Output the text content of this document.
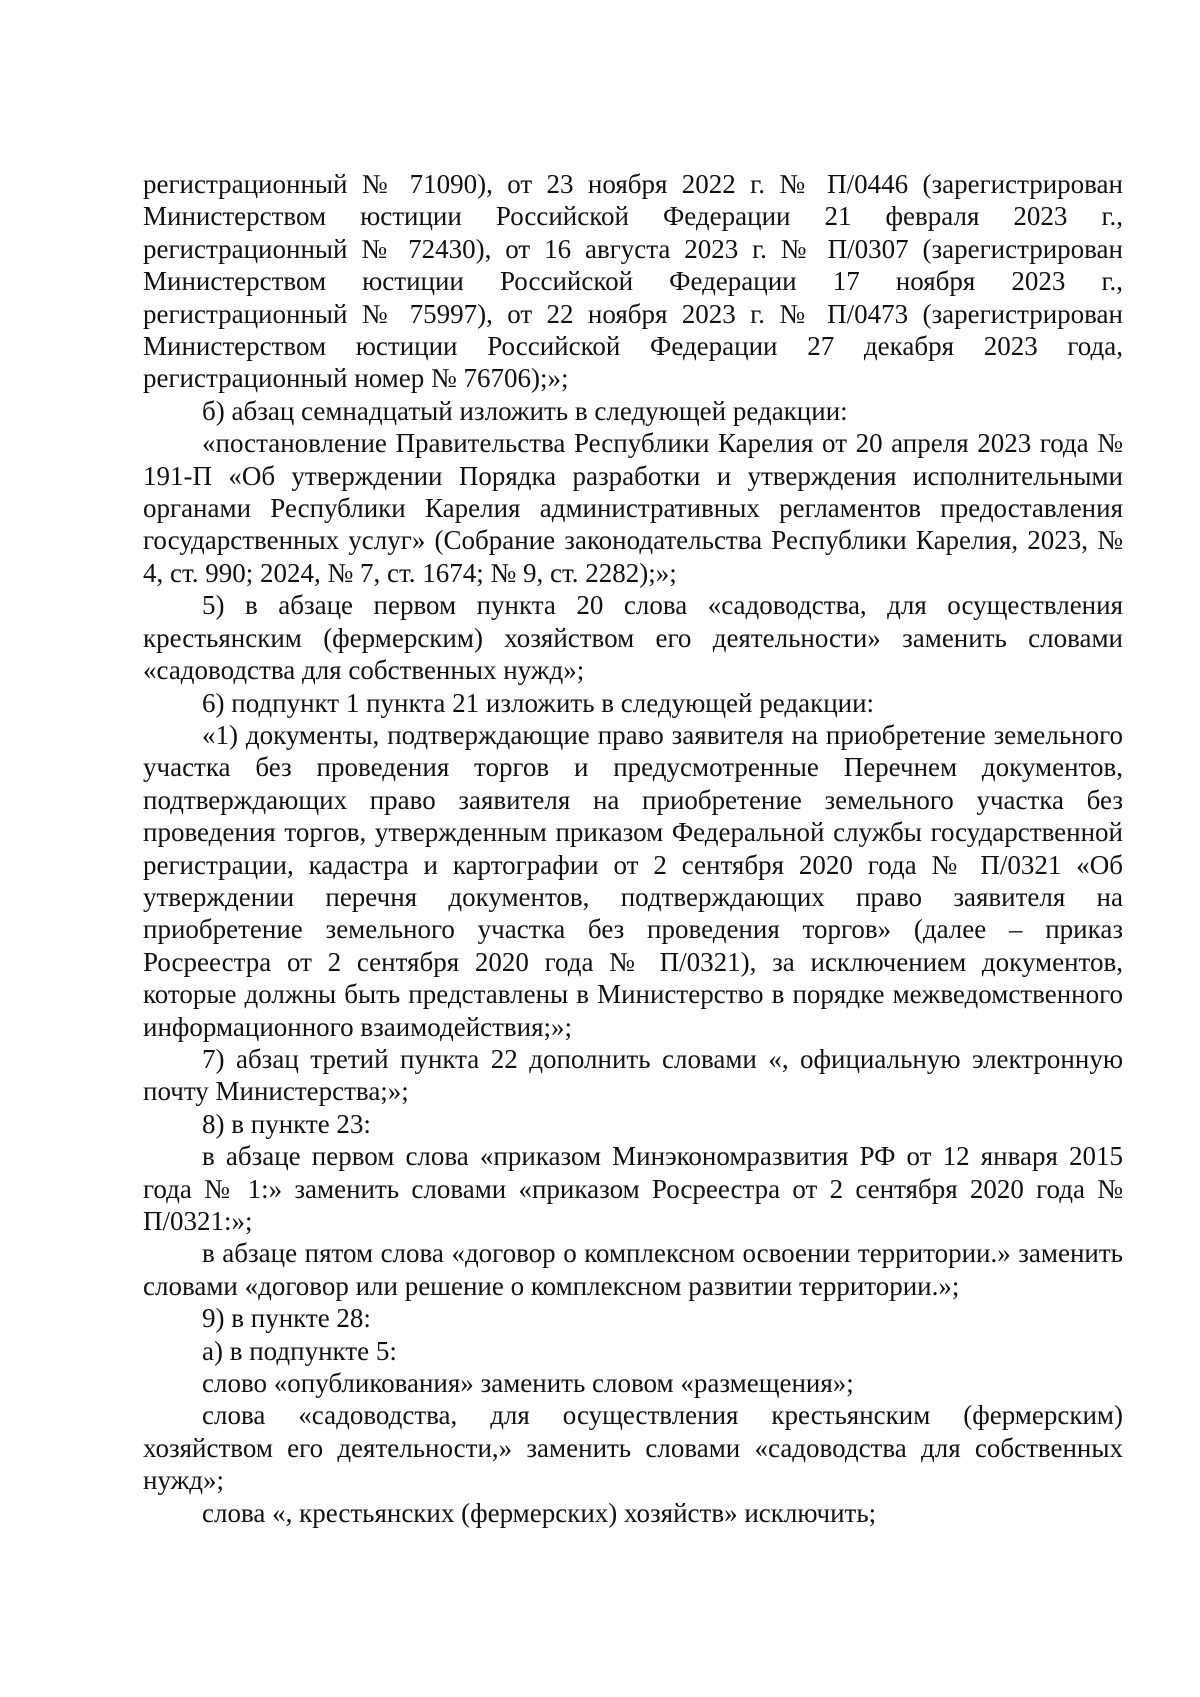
регистрационный № 71090), от 23 ноября 2022 г. № П/0446 (зарегистрирован Министерством юстиции Российской Федерации 21 февраля 2023 г., регистрационный № 72430), от 16 августа 2023 г. № П/0307 (зарегистрирован Министерством юстиции Российской Федерации 17 ноября 2023 г., регистрационный № 75997), от 22 ноября 2023 г. № П/0473 (зарегистрирован Министерством юстиции Российской Федерации 27 декабря 2023 года, регистрационный номер № 76706);»;

б) абзац семнадцатый изложить в следующей редакции:

«постановление Правительства Республики Карелия от 20 апреля 2023 года № 191-П «Об утверждении Порядка разработки и утверждения исполнительными органами Республики Карелия административных регламентов предоставления государственных услуг» (Собрание законодательства Республики Карелия, 2023, № 4, ст. 990; 2024, № 7, ст. 1674; № 9, ст. 2282);»;

5) в абзаце первом пункта 20 слова «садоводства, для осуществления крестьянским (фермерским) хозяйством его деятельности» заменить словами «садоводства для собственных нужд»;

6) подпункт 1 пункта 21 изложить в следующей редакции:

«1) документы, подтверждающие право заявителя на приобретение земельного участка без проведения торгов и предусмотренные Перечнем документов, подтверждающих право заявителя на приобретение земельного участка без проведения торгов, утвержденным приказом Федеральной службы государственной регистрации, кадастра и картографии от 2 сентября 2020 года № П/0321 «Об утверждении перечня документов, подтверждающих право заявителя на приобретение земельного участка без проведения торгов» (далее – приказ Росреестра от 2 сентября 2020 года № П/0321), за исключением документов, которые должны быть представлены в Министерство в порядке межведомственного информационного взаимодействия;»;

7) абзац третий пункта 22 дополнить словами «, официальную электронную почту Министерства;»;

8) в пункте 23:

в абзаце первом слова «приказом Минэкономразвития РФ от 12 января 2015 года № 1:» заменить словами «приказом Росреестра от 2 сентября 2020 года № П/0321:»;

в абзаце пятом слова «договор о комплексном освоении территории.» заменить словами «договор или решение о комплексном развитии территории.»;

9) в пункте 28:

а) в подпункте 5:

слово «опубликования» заменить словом «размещения»;

слова «садоводства, для осуществления крестьянским (фермерским) хозяйством его деятельности,» заменить словами «садоводства для собственных нужд»;

слова «, крестьянских (фермерских) хозяйств» исключить;
